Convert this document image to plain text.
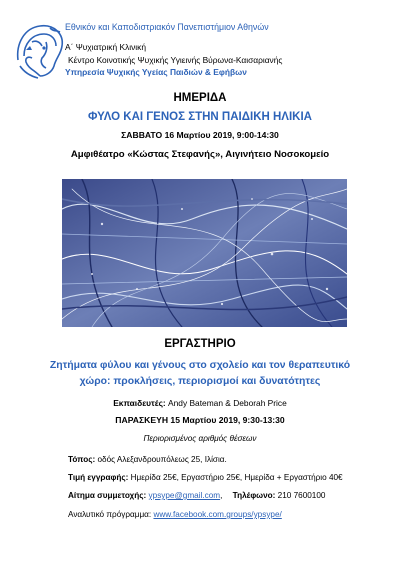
Εθνικόν και Καποδιστριακόν Πανεπιστήμιον Αθηνών
Α΄ Ψυχιατρική Κλινική
Κέντρο Κοινοτικής Ψυχικής Υγιεινής Βύρωνα-Καισαριανής
Υπηρεσία Ψυχικής Υγείας Παιδιών & Εφήβων
ΗΜΕΡΙΔΑ
ΦΥΛΟ ΚΑΙ ΓΕΝΟΣ ΣΤΗΝ ΠΑΙΔΙΚΗ ΗΛΙΚΙΑ
ΣΑΒΒΑΤΟ 16 Μαρτίου 2019, 9:00-14:30
Αμφιθέατρο «Κώστας Στεφανής», Αιγινήτειο Νοσοκομείο
ΕΡΓΑΣΤΗΡΙΟ
Ζητήματα φύλου και γένους στο σχολείο και τον θεραπευτικό χώρο: προκλήσεις, περιορισμοί και δυνατότητες
Εκπαιδευτές: Andy Bateman & Deborah Price
ΠΑΡΑΣΚΕΥΗ 15 Μαρτίου 2019, 9:30-13:30
Περιορισμένος αριθμός θέσεων
Τόπος: οδός Αλεξανδρουπόλεως 25, Ιλίσια.
Τιμή εγγραφής: Ημερίδα 25€, Εργαστήριο 25€, Ημερίδα + Εργαστήριο 40€
Αίτημα συμμετοχής: ypsype@gmail.com, Τηλέφωνο: 210 7600100
Αναλυτικό πρόγραμμα: www.facebook.com.groups/ypsype/
